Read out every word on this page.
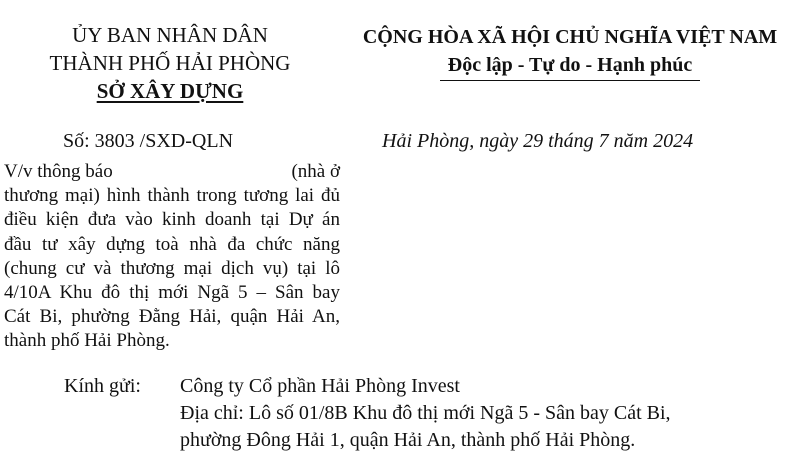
ỦY BAN NHÂN DÂN
THÀNH PHỐ HẢI PHÒNG
SỞ XÂY DỰNG
CỘNG HÒA XÃ HỘI CHỦ NGHĨA VIỆT NAM
Độc lập - Tự do - Hạnh phúc
Số: 3803 /SXD-QLN	Hải Phòng, ngày 29 tháng 7 năm 2024
V/v thông báo	(nhà ở
thương mại) hình thành trong tương lai đủ
điều kiện đưa vào kinh doanh tại Dự án
đầu tư xây dựng toà nhà đa chức năng
(chung cư và thương mại dịch vụ) tại lô
4/10A Khu đô thị mới Ngã 5 – Sân bay
Cát Bi, phường Đằng Hải, quận Hải An,
thành phố Hải Phòng.
Kính gửi: Công ty Cổ phần Hải Phòng Invest
Địa chỉ: Lô số 01/8B Khu đô thị mới Ngã 5 - Sân bay Cát Bi,
phường Đông Hải 1, quận Hải An, thành phố Hải Phòng.
